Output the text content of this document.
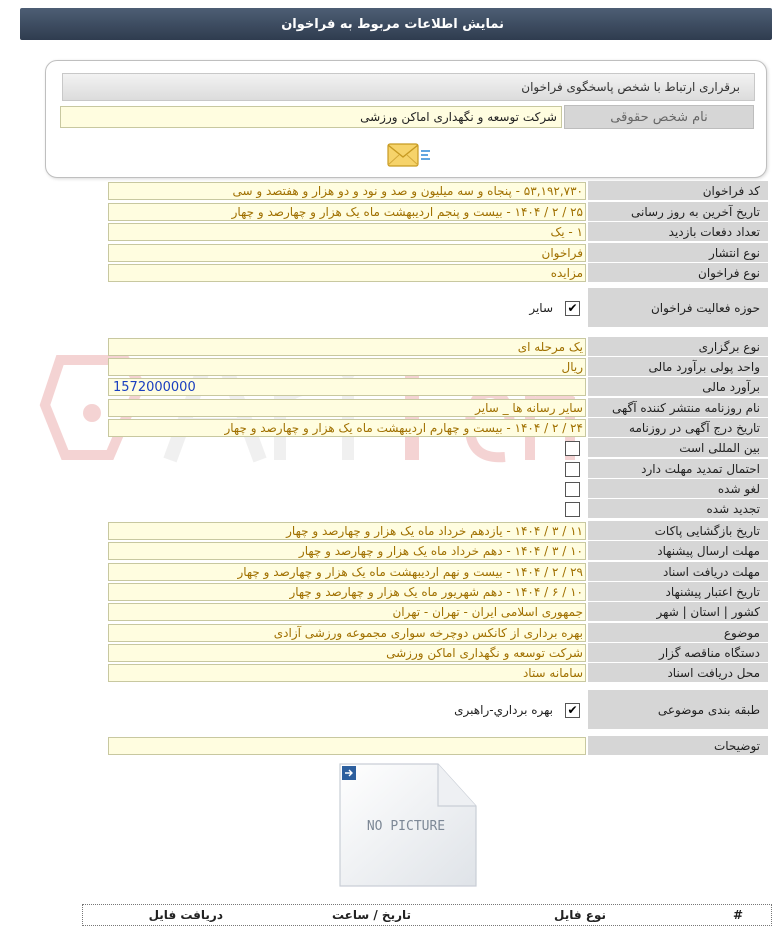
نمایش اطلاعات مربوط به فراخوان
برقراری ارتباط با شخص پاسخگوی فراخوان
نام شخص حقوقی
شرکت توسعه و نگهداری اماکن ورزشی
کد فراخوان
۵۳,۱۹۲,۷۳۰ - پنجاه و سه میلیون و صد و نود و دو هزار و هفتصد و سی
تاریخ آخرین به روز رسانی
۲۵ / ۲ / ۱۴۰۴ - بیست و پنجم اردیبهشت ماه یک هزار و چهارصد و چهار
تعداد دفعات بازدید
۱ - یک
نوع انتشار
فراخوان
نوع فراخوان
مزایده
حوزه فعالیت فراخوان
✔
سایر
نوع برگزاری
یک مرحله ای
واحد پولی برآورد مالی
ریال
برآورد مالی
1572000000
نام روزنامه منتشر کننده آگهی
سایر رسانه ها _ سایر
تاریخ درج آگهی در روزنامه
۲۴ / ۲ / ۱۴۰۴ - بیست و چهارم اردیبهشت ماه یک هزار و چهارصد و چهار
بین المللی است
احتمال تمدید مهلت دارد
لغو شده
تجدید شده
تاریخ بازگشایی پاکات
۱۱ / ۳ / ۱۴۰۴ - یازدهم خرداد ماه یک هزار و چهارصد و چهار
مهلت ارسال پیشنهاد
۱۰ / ۳ / ۱۴۰۴ - دهم خرداد ماه یک هزار و چهارصد و چهار
مهلت دریافت اسناد
۲۹ / ۲ / ۱۴۰۴ - بیست و نهم اردیبهشت ماه یک هزار و چهارصد و چهار
تاریخ اعتبار پیشنهاد
۱۰ / ۶ / ۱۴۰۴ - دهم شهریور ماه یک هزار و چهارصد و چهار
کشور | استان | شهر
جمهوری اسلامی ایران - تهران - تهران
موضوع
بهره برداری از کانکس دوچرخه سواری مجموعه ورزشی آزادی
دستگاه مناقصه گزار
شرکت توسعه و نگهداری اماکن ورزشی
محل دریافت اسناد
سامانه ستاد
طبقه بندی موضوعی
✔
بهره برداري-راهبری
توضیحات
NO PICTURE
#
نوع فایل
تاریخ / ساعت
دریافت فایل
